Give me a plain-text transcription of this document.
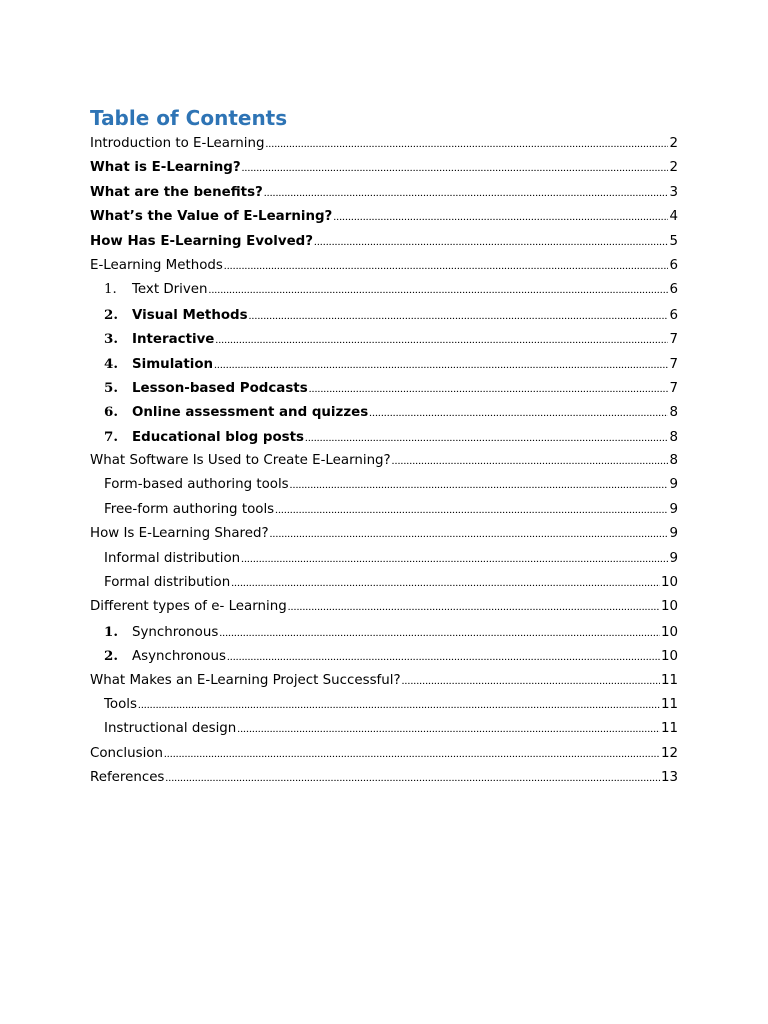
Table of Contents
Introduction to E-Learning .....	2
What is E-Learning? .....	2
What are the benefits? .....	3
What’s the Value of E-Learning? .....	4
How Has E-Learning Evolved? .....	5
E-Learning Methods .....	6
1.	Text Driven .....	6
2.	Visual Methods .....	6
3.	Interactive .....	7
4.	Simulation .....	7
5.	Lesson-based Podcasts .....	7
6.	Online assessment and quizzes .....	8
7.	Educational blog posts .....	8
What Software Is Used to Create E-Learning? .....	8
Form-based authoring tools .....	9
Free-form authoring tools .....	9
How Is E-Learning Shared? .....	9
Informal distribution .....	9
Formal distribution .....	10
Different types of e- Learning .....	10
1.	Synchronous .....	10
2.	Asynchronous .....	10
What Makes an E-Learning Project Successful? .....	11
Tools .....	11
Instructional design .....	11
Conclusion .....	12
References .....	13
